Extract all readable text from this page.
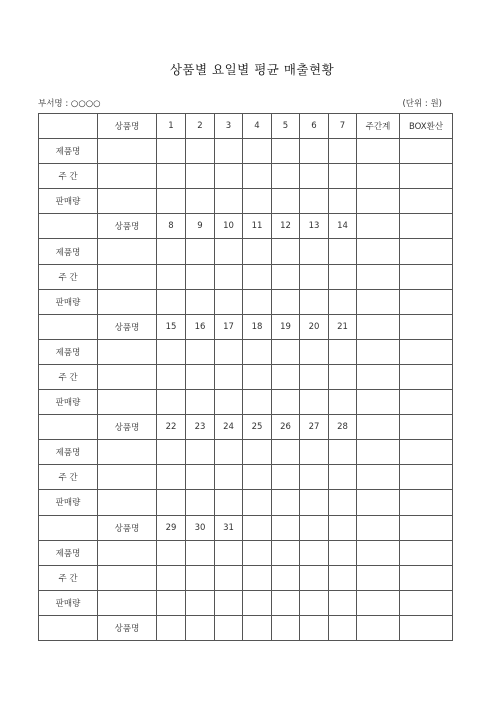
상품별 요일별 평균 매출현황
부서명 : ○○○○	(단위 : 원)
	상품명	1	2	3	4	5	6	7	주간계	BOX환산
제품명										
주 간										
판매량										
	상품명	8	9	10	11	12	13	14		
제품명										
주 간										
판매량										
	상품명	15	16	17	18	19	20	21		
제품명										
주 간										
판매량										
	상품명	22	23	24	25	26	27	28		
제품명										
주 간										
판매량										
	상품명	29	30	31						
제품명										
주 간										
판매량										
	상품명									
